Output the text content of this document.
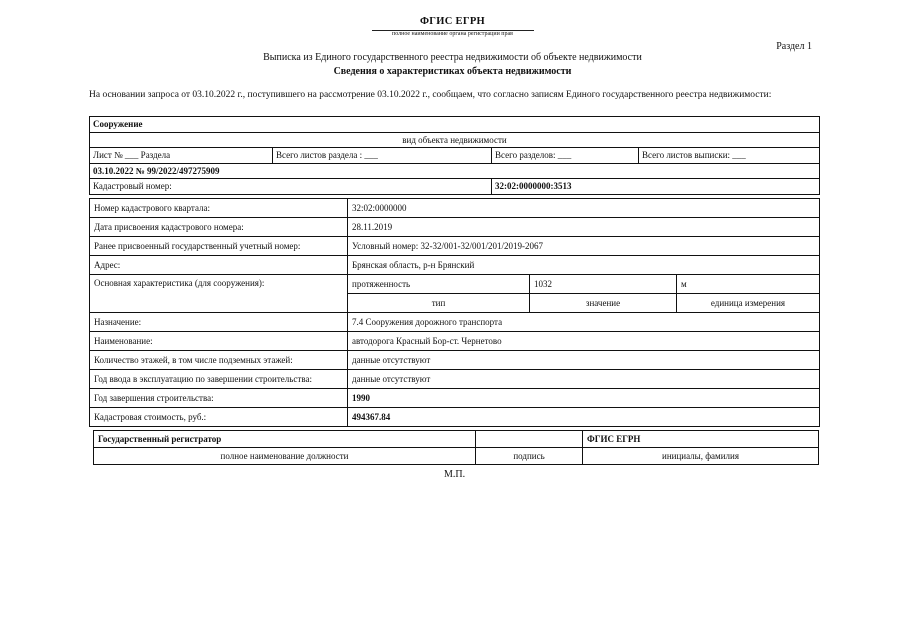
ФГИС ЕГРН
полное наименование органа регистрации прав
Раздел 1
Выписка из Единого государственного реестра недвижимости об объекте недвижимости
Сведения о характеристиках объекта недвижимости
На основании запроса от 03.10.2022 г., поступившего на рассмотрение 03.10.2022 г., сообщаем, что согласно записям Единого государственного реестра недвижимости:
Сооружение			
вид объекта недвижимости			
Лист № ___ Раздела	Всего листов раздела : ___	Всего разделов: ___	Всего листов выписки: ___
03.10.2022 № 99/2022/497275909			
Кадастровый номер:		32:02:0000000:3513	
Номер кадастрового квартала:	32:02:0000000		
Дата присвоения кадастрового номера:	28.11.2019		
Ранее присвоенный государственный учетный номер:	Условный номер: 32-32/001-32/001/201/2019-2067		
Адрес:	Брянская область, р-н Брянский		
Основная характеристика (для сооружения):	протяженность	1032	м
	тип	значение	единица измерения
Назначение:	7.4 Сооружения дорожного транспорта		
Наименование:	автодорога Красный Бор-ст. Чернетово		
Количество этажей, в том числе подземных этажей:	данные отсутствуют		
Год ввода в эксплуатацию по завершении строительства:	данные отсутствуют		
Год завершения строительства:	1990		
Кадастровая стоимость, руб.:	494367.84		
Государственный регистратор		ФГИС ЕГРН
полное наименование должности	подпись	инициалы, фамилия
М.П.
